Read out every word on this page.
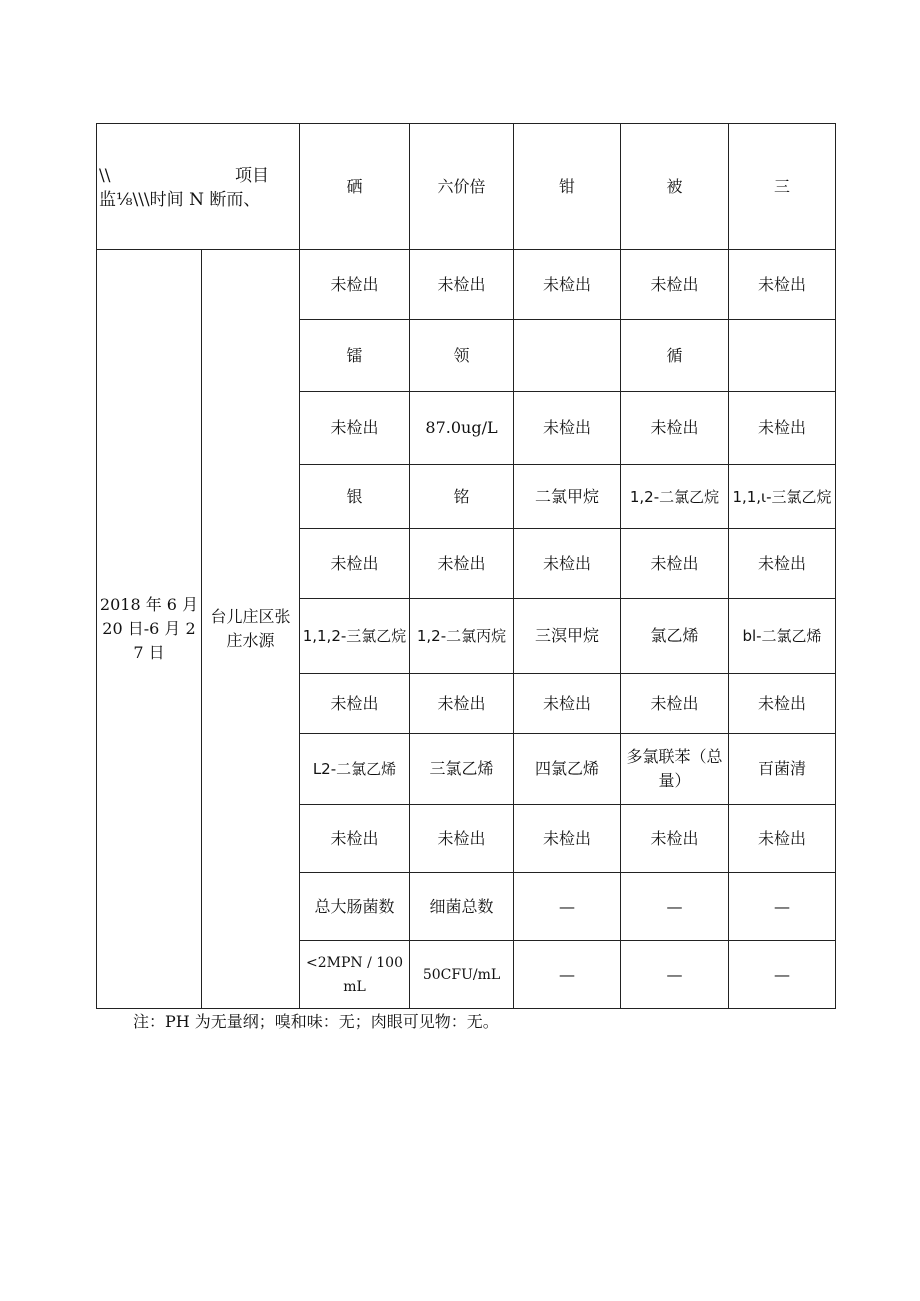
项目
\\
监⅛\\\时间 N 断而、		硒	六价倍	钳	被	三
2018 年 6 月 20 日-6 月 27 日	台儿庄区张庄水源	未检出	未检出	未检出	未检出	未检出
		镭	领		循	
		未检出	87.0ug/L	未检出	未检出	未检出
		银	铭	二氯甲烷	1,2-二氯乙烷	1,1,ι-三氯乙烷
		未检出	未检出	未检出	未检出	未检出
		1,1,2-三氯乙烷	1,2-二氯丙烷	三溟甲烷	氯乙烯	bl-二氯乙烯
		未检出	未检出	未检出	未检出	未检出
		L2-二氯乙烯	三氯乙烯	四氯乙烯	多氯联苯（总量）	百菌清
		未检出	未检出	未检出	未检出	未检出
		总大肠菌数	细菌总数	—	—	—
		<2MPN / 100mL	50CFU/mL	—	—	—
注：PH 为无量纲；嗅和味：无；肉眼可见物：无。
